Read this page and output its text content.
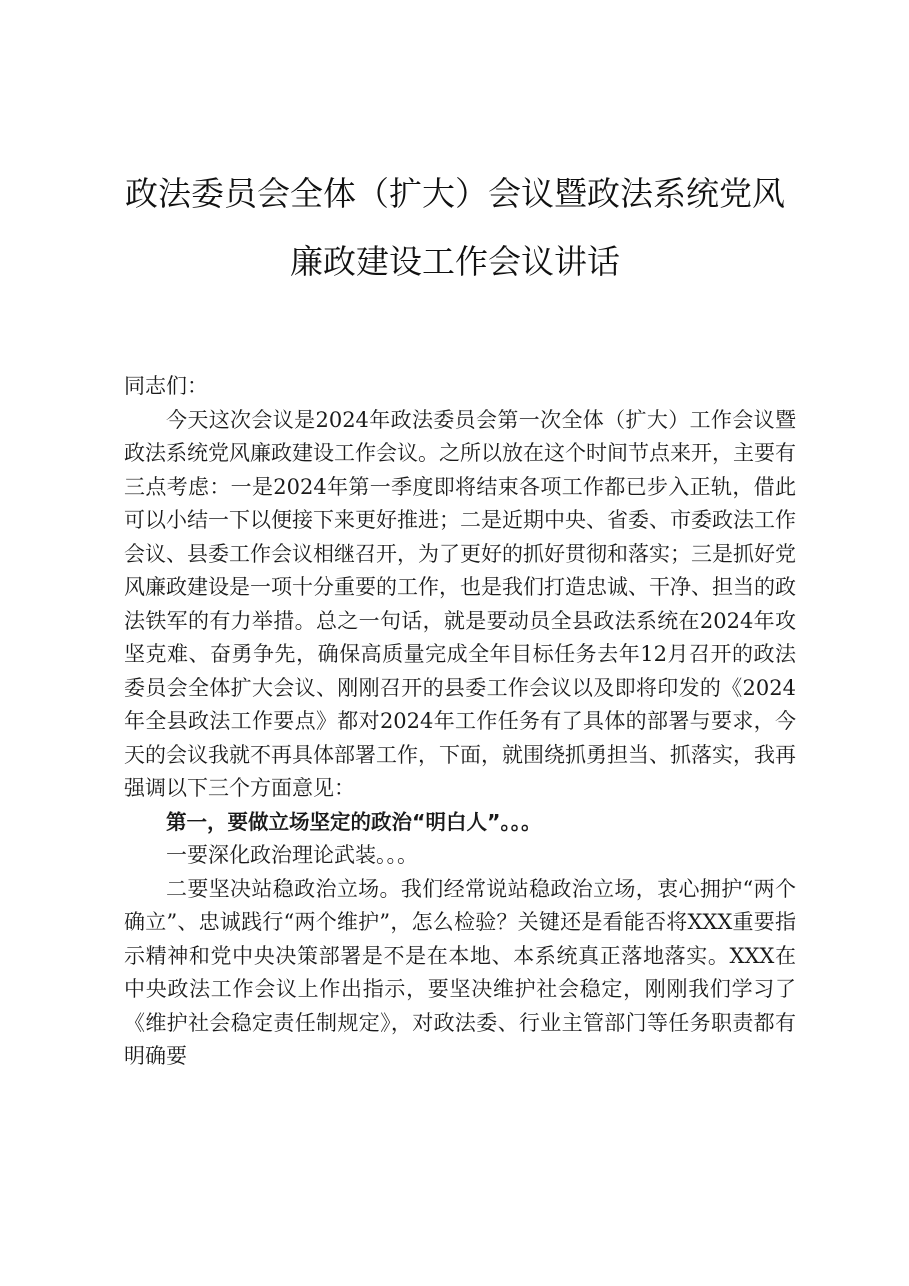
政法委员会全体（扩大）会议暨政法系统党风
廉政建设工作会议讲话

同志们：

今天这次会议是2024年政法委员会第一次全体（扩大）工作会议暨政法系统党风廉政建设工作会议。之所以放在这个时间节点来开，主要有三点考虑：一是2024年第一季度即将结束各项工作都已步入正轨，借此可以小结一下以便接下来更好推进；二是近期中央、省委、市委政法工作会议、县委工作会议相继召开，为了更好的抓好贯彻和落实；三是抓好党风廉政建设是一项十分重要的工作，也是我们打造忠诚、干净、担当的政法铁军的有力举措。总之一句话，就是要动员全县政法系统在2024年攻坚克难、奋勇争先，确保高质量完成全年目标任务去年12月召开的政法委员会全体扩大会议、刚刚召开的县委工作会议以及即将印发的《2024年全县政法工作要点》都对2024年工作任务有了具体的部署与要求，今天的会议我就不再具体部署工作，下面，就围绕抓勇担当、抓落实，我再强调以下三个方面意见：

第一，要做立场坚定的政治“明白人”。。。

一要深化政治理论武装。。。

二要坚决站稳政治立场。我们经常说站稳政治立场，衷心拥护“两个确立”、忠诚践行“两个维护”，怎么检验？关键还是看能否将XXX重要指示精神和党中央决策部署是不是在本地、本系统真正落地落实。XXX在中央政法工作会议上作出指示，要坚决维护社会稳定，刚刚我们学习了《维护社会稳定责任制规定》，对政法委、行业主管部门等任务职责都有明确要
